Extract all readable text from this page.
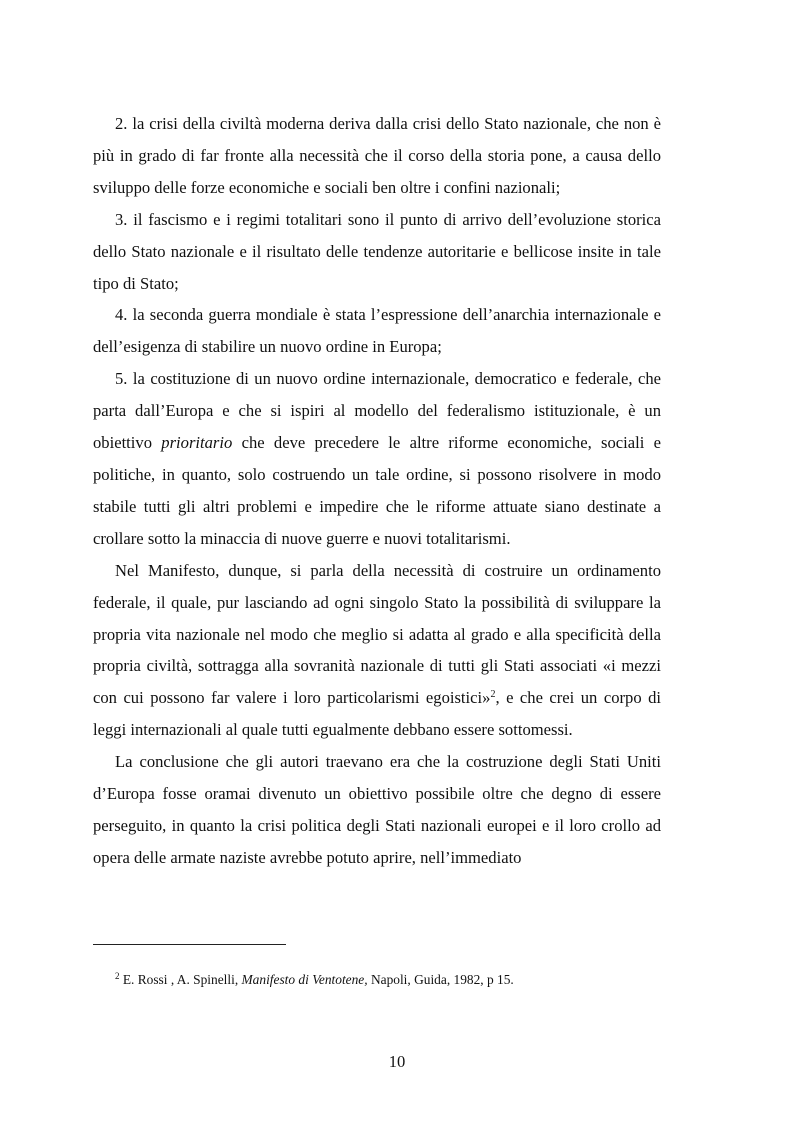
2. la crisi della civiltà moderna deriva dalla crisi dello Stato nazionale, che non è più in grado di far fronte alla necessità che il corso della storia pone, a causa dello sviluppo delle forze economiche e sociali ben oltre i confini nazionali;

3. il fascismo e i regimi totalitari sono il punto di arrivo dell’evoluzione storica dello Stato nazionale e il risultato delle tendenze autoritarie e bellicose insite in tale tipo di Stato;

4. la seconda guerra mondiale è stata l’espressione dell’anarchia internazionale e dell’esigenza di stabilire un nuovo ordine in Europa;

5. la costituzione di un nuovo ordine internazionale, democratico e federale, che parta dall’Europa e che si ispiri al modello del federalismo istituzionale, è un obiettivo prioritario che deve precedere le altre riforme economiche, sociali e politiche, in quanto, solo costruendo un tale ordine, si possono risolvere in modo stabile tutti gli altri problemi e impedire che le riforme attuate siano destinate a crollare sotto la minaccia di nuove guerre e nuovi totalitarismi.

Nel Manifesto, dunque, si parla della necessità di costruire un ordinamento federale, il quale, pur lasciando ad ogni singolo Stato la possibilità di sviluppare la propria vita nazionale nel modo che meglio si adatta al grado e alla specificità della propria civiltà, sottragga alla sovranità nazionale di tutti gli Stati associati «i mezzi con cui possono far valere i loro particolarismi egoistici»$^2$, e che crei un corpo di leggi internazionali al quale tutti egualmente debbano essere sottomessi.

La conclusione che gli autori traevano era che la costruzione degli Stati Uniti d’Europa fosse oramai divenuto un obiettivo possibile oltre che degno di essere perseguito, in quanto la crisi politica degli Stati nazionali europei e il loro crollo ad opera delle armate naziste avrebbe potuto aprire, nell’immediato

$^2$ E. Rossi , A. Spinelli, Manifesto di Ventotene, Napoli, Guida, 1982, p 15.

10
